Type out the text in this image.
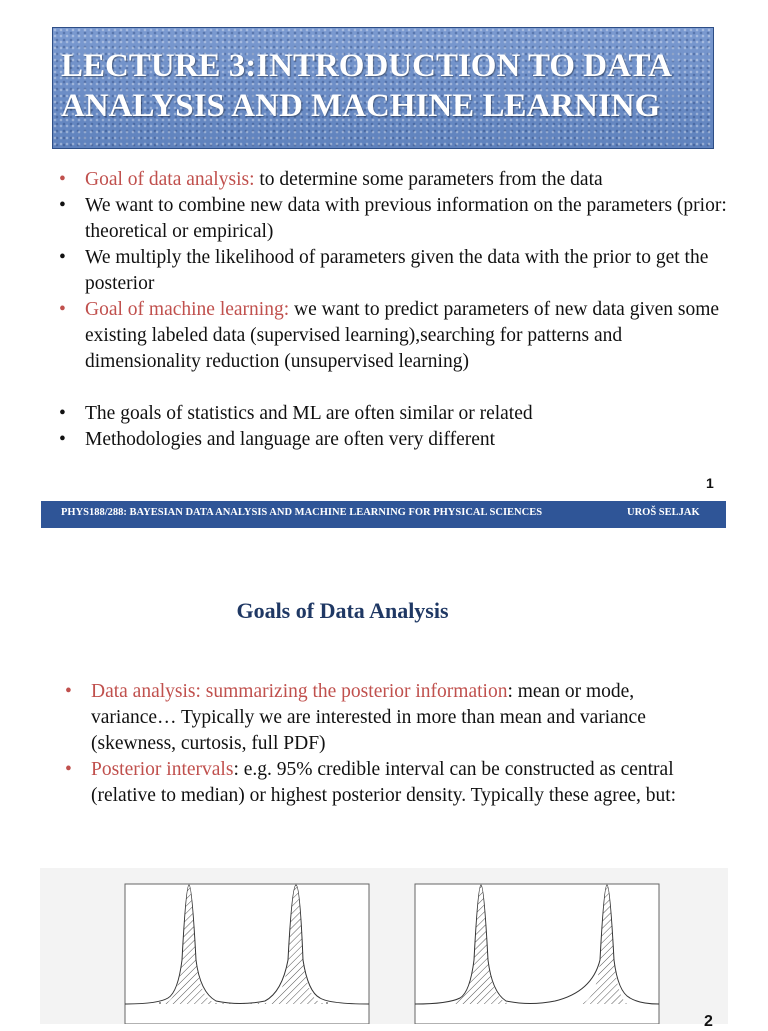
LECTURE 3:INTRODUCTION TO DATA
ANALYSIS AND MACHINE LEARNING
• Goal of data analysis: to determine some parameters from the data
• We want to combine new data with previous information on the parameters (prior: theoretical or empirical)
• We multiply the likelihood of parameters given the data with the prior to get the posterior
• Goal of machine learning: we want to predict parameters of new data given some existing labeled data (supervised learning),searching for patterns and dimensionality reduction (unsupervised learning)
• The goals of statistics and ML are often similar or related
• Methodologies and language are often very different
1
PHYS188/288: BAYESIAN DATA ANALYSIS AND MACHINE LEARNING FOR PHYSICAL SCIENCES	UROŠ SELJAK
Goals of Data Analysis
• Data analysis: summarizing the posterior information: mean or mode, variance… Typically we are interested in more than mean and variance (skewness, curtosis, full PDF)
• Posterior intervals: e.g. 95% credible interval can be constructed as central (relative to median) or highest posterior density. Typically these agree, but:
2
